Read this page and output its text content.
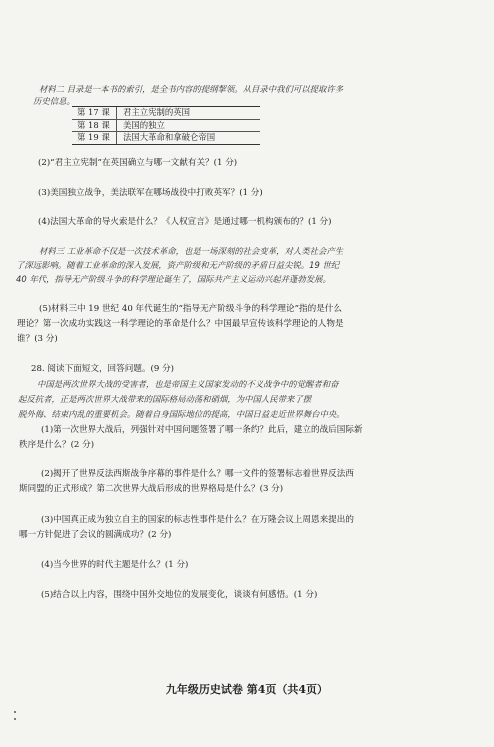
材料二 目录是一本书的索引，是全书内容的提纲挈领。从目录中我们可以提取许多
历史信息。
第 17 课	君主立宪制的英国
第 18 课	美国的独立
第 19 课	法国大革命和拿破仑帝国
(2)“君主立宪制”在英国确立与哪一文献有关？(1 分)
(3)美国独立战争，美法联军在哪场战役中打败英军？(1 分)
(4)法国大革命的导火索是什么？《人权宣言》是通过哪一机构颁布的？(1 分)
材料三 工业革命不仅是一次技术革命，也是一场深刻的社会变革，对人类社会产生
了深远影响。随着工业革命的深入发展，资产阶级和无产阶级的矛盾日益尖锐。19 世纪
40 年代，指导无产阶级斗争的科学理论诞生了，国际共产主义运动兴起并蓬勃发展。
(5)材料三中 19 世纪 40 年代诞生的“指导无产阶级斗争的科学理论”指的是什么
理论？第一次成功实践这一科学理论的革命是什么？中国最早宣传该科学理论的人物是
谁？(3 分)
28. 阅读下面短文，回答问题。(9 分)
中国是两次世界大战的受害者，也是帝国主义国家发动的不义战争中的觉醒者和奋
起反抗者，正是两次世界大战带来的国际格局动荡和硝烟，为中国人民带来了摆
脱外侮、结束内乱的重要机会。随着自身国际地位的提高，中国日益走近世界舞台中央。
(1)第一次世界大战后，列强针对中国问题签署了哪一条约？此后，建立的战后国际新
秩序是什么？(2 分)
(2)揭开了世界反法西斯战争序幕的事件是什么？哪一文件的签署标志着世界反法西
斯同盟的正式形成？第二次世界大战后形成的世界格局是什么？(3 分)
(3)中国真正成为独立自主的国家的标志性事件是什么？在万隆会议上周恩来提出的
哪一方针促进了会议的圆满成功？(2 分)
(4)当今世界的时代主题是什么？(1 分)
(5)结合以上内容，围绕中国外交地位的发展变化，谈谈有何感悟。(1 分)
九年级历史试卷 第4页（共4页）
